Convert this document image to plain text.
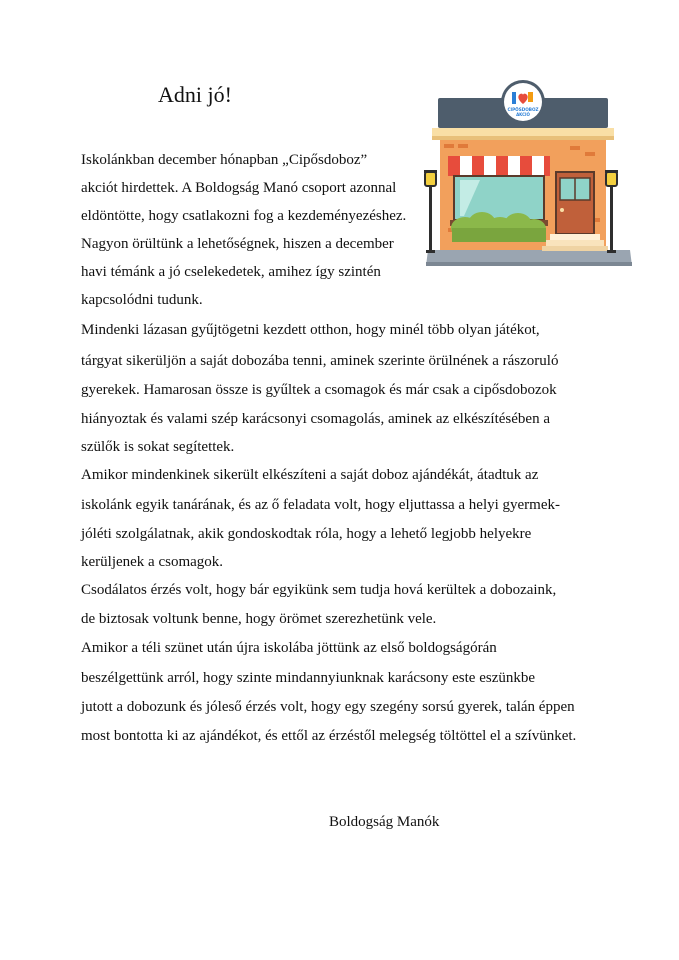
Adni jó!
Iskolánkban december hónapban „Cipősdoboz”
akciót hirdettek. A Boldogság Manó csoport azonnal
eldöntötte, hogy csatlakozni fog a kezdeményezéshez.
Nagyon örültünk a lehetőségnek, hiszen a december
havi témánk a jó cselekedetek, amihez így szintén
kapcsolódni tudunk.
Mindenki lázasan gyűjtögetni kezdett otthon, hogy minél több olyan játékot,
tárgyat sikerüljön a saját dobozába tenni, aminek szerinte örülnének a rászoruló
gyerekek. Hamarosan össze is gyűltek a csomagok és már csak a cipősdobozok
hiányoztak és valami szép karácsonyi csomagolás, aminek az elkészítésében a
szülők is sokat segítettek.
Amikor mindenkinek sikerült elkészíteni a saját doboz ajándékát, átadtuk az
iskolánk egyik tanárának, és az ő feladata volt, hogy eljuttassa a helyi gyermek-
jóléti szolgálatnak, akik gondoskodtak róla, hogy a lehető legjobb helyekre
kerüljenek a csomagok.
Csodálatos érzés volt, hogy bár egyikünk sem tudja hová kerültek a dobozaink,
de biztosak voltunk benne, hogy örömet szerezhetünk vele.
Amikor a téli szünet után újra iskolába jöttünk az első boldogságórán
beszélgettünk arról, hogy szinte mindannyiunknak karácsony este eszünkbe
jutott a dobozunk és jóleső érzés volt, hogy egy szegény sorsú gyerek, talán éppen
most bontotta ki az ajándékot, és ettől az érzéstől melegség töltöttel el a szívünket.
Boldogság Manók
CIPŐSDOBOZ
AKCIÓ
